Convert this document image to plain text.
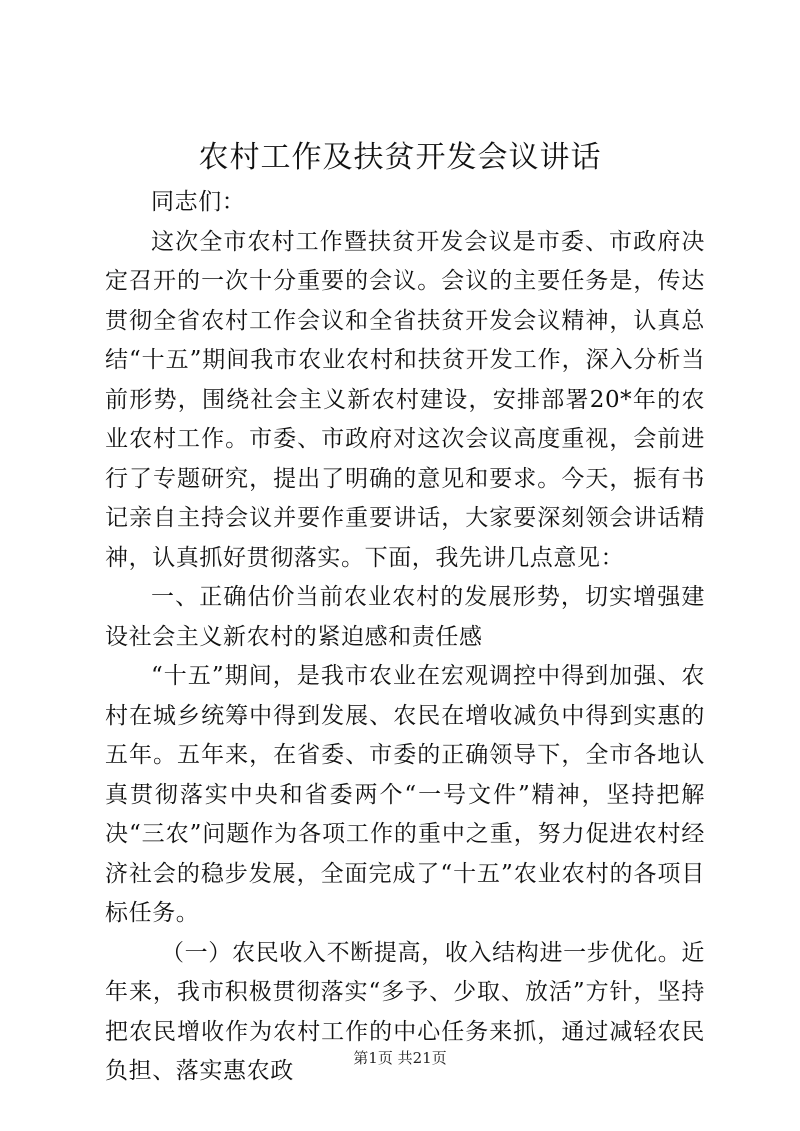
农村工作及扶贫开发会议讲话

同志们：

这次全市农村工作暨扶贫开发会议是市委、市政府决定召开的一次十分重要的会议。会议的主要任务是，传达贯彻全省农村工作会议和全省扶贫开发会议精神，认真总结“十五”期间我市农业农村和扶贫开发工作，深入分析当前形势，围绕社会主义新农村建设，安排部署20*年的农业农村工作。市委、市政府对这次会议高度重视，会前进行了专题研究，提出了明确的意见和要求。今天，振有书记亲自主持会议并要作重要讲话，大家要深刻领会讲话精神，认真抓好贯彻落实。下面，我先讲几点意见：

一、正确估价当前农业农村的发展形势，切实增强建设社会主义新农村的紧迫感和责任感

“十五”期间，是我市农业在宏观调控中得到加强、农村在城乡统筹中得到发展、农民在增收减负中得到实惠的五年。五年来，在省委、市委的正确领导下，全市各地认真贯彻落实中央和省委两个“一号文件”精神，坚持把解决“三农”问题作为各项工作的重中之重，努力促进农村经济社会的稳步发展，全面完成了“十五”农业农村的各项目标任务。

（一）农民收入不断提高，收入结构进一步优化。近年来，我市积极贯彻落实“多予、少取、放活”方针，坚持把农民增收作为农村工作的中心任务来抓，通过减轻农民负担、落实惠农政	第1页 共21页
